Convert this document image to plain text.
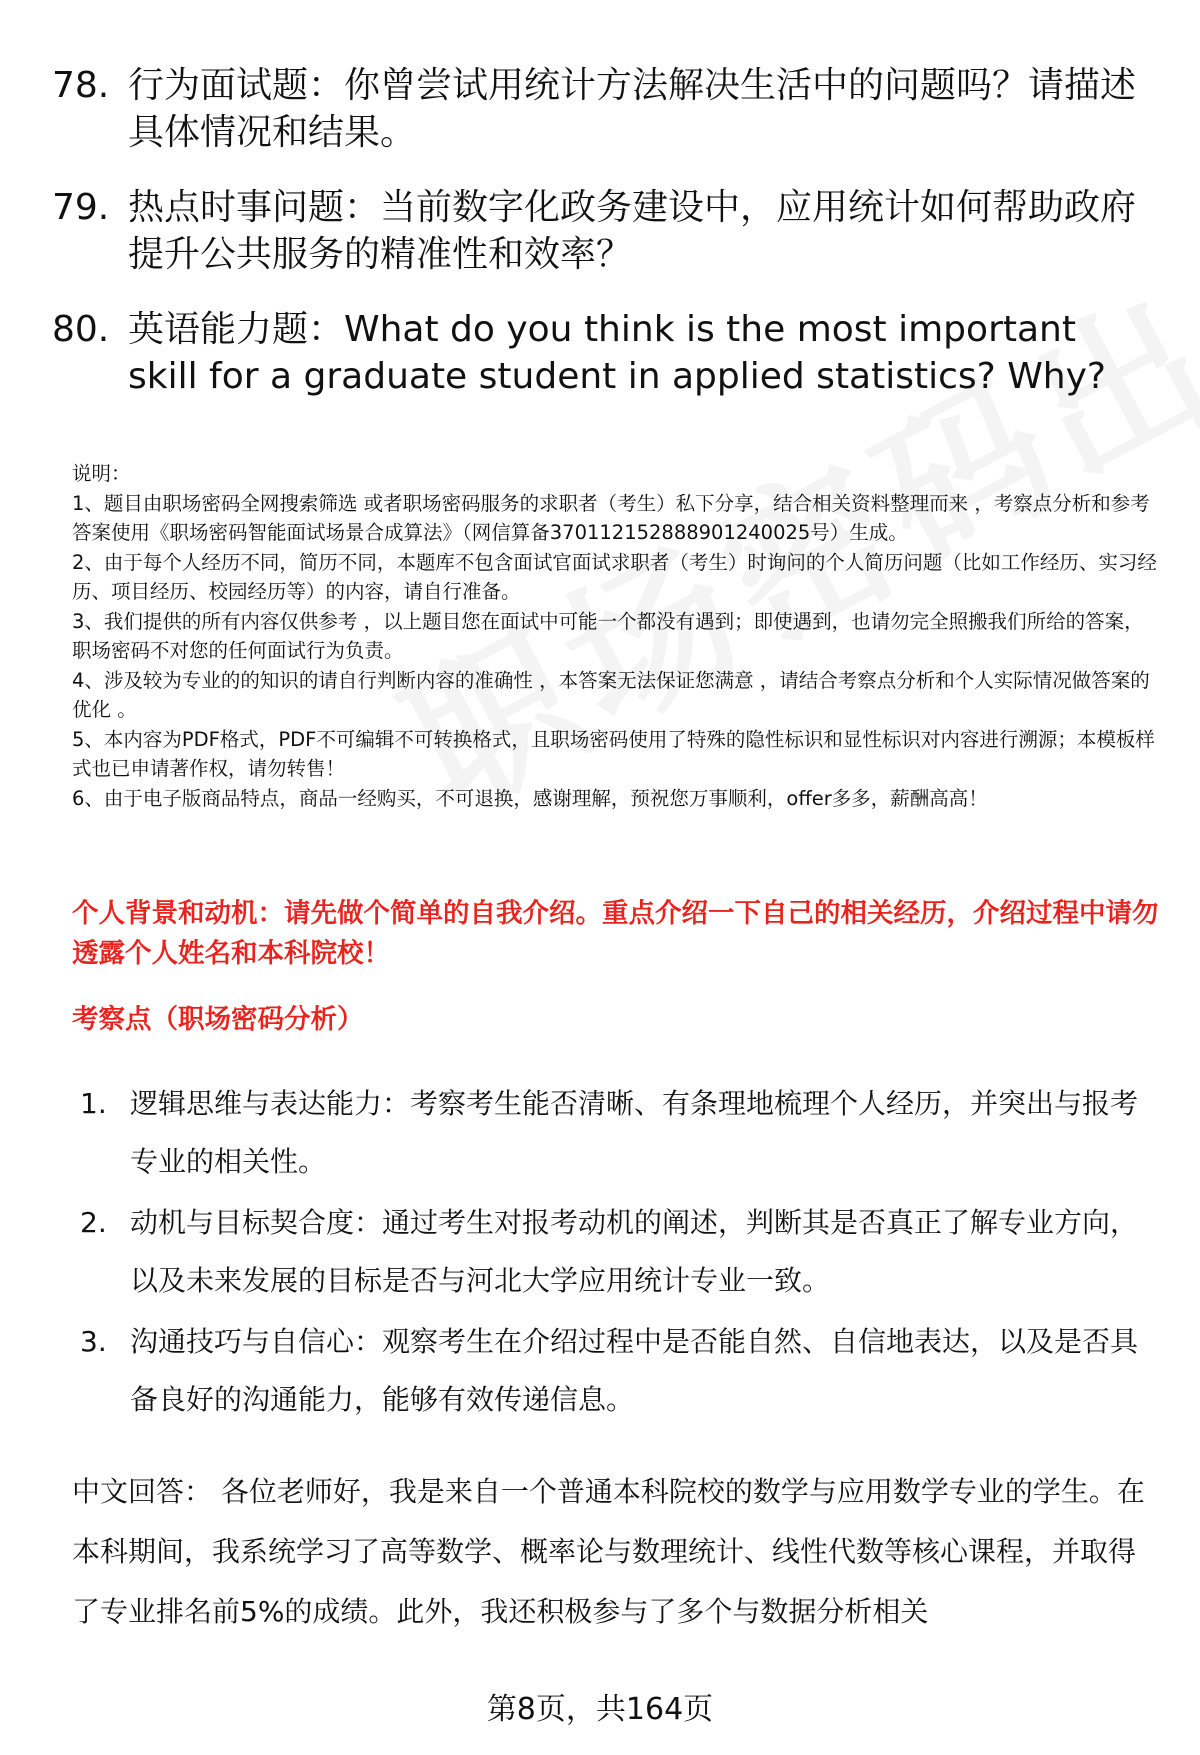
78. 行为面试题：你曾尝试用统计方法解决生活中的问题吗？请描述具体情况和结果。
79. 热点时事问题：当前数字化政务建设中，应用统计如何帮助政府提升公共服务的精准性和效率？
80. 英语能力题：What do you think is the most important skill for a graduate student in applied statistics? Why?

说明：

1、题目由职场密码全网搜索筛选 或者职场密码服务的求职者（考生）私下分享，结合相关资料整理而来 ，考察点分析和参考答案使用《职场密码智能面试场景合成算法》（网信算备370112152888901240025号）生成。

2、由于每个人经历不同，简历不同，本题库不包含面试官面试求职者（考生）时询问的个人简历问题（比如工作经历、实习经历、项目经历、校园经历等）的内容，请自行准备。

3、我们提供的所有内容仅供参考 ，以上题目您在面试中可能一个都没有遇到；即使遇到，也请勿完全照搬我们所给的答案，职场密码不对您的任何面试行为负责。

4、涉及较为专业的的知识的请自行判断内容的准确性 ，本答案无法保证您满意 ，请结合考察点分析和个人实际情况做答案的优化 。

5、本内容为PDF格式，PDF不可编辑不可转换格式，且职场密码使用了特殊的隐性标识和显性标识对内容进行溯源；本模板样式也已申请著作权，请勿转售！

6、由于电子版商品特点，商品一经购买，不可退换，感谢理解，预祝您万事顺利，offer多多，薪酬高高！

个人背景和动机：请先做个简单的自我介绍。重点介绍一下自己的相关经历，介绍过程中请勿透露个人姓名和本科院校！
考察点（职场密码分析）
1. 逻辑思维与表达能力：考察考生能否清晰、有条理地梳理个人经历，并突出与报考专业的相关性。
2. 动机与目标契合度：通过考生对报考动机的阐述，判断其是否真正了解专业方向，以及未来发展的目标是否与河北大学应用统计专业一致。
3. 沟通技巧与自信心：观察考生在介绍过程中是否能自然、自信地表达，以及是否具备良好的沟通能力，能够有效传递信息。
中文回答： 各位老师好，我是来自一个普通本科院校的数学与应用数学专业的学生。在本科期间，我系统学习了高等数学、概率论与数理统计、线性代数等核心课程，并取得了专业排名前5%的成绩。此外，我还积极参与了多个与数据分析相关
第8页，共164页
